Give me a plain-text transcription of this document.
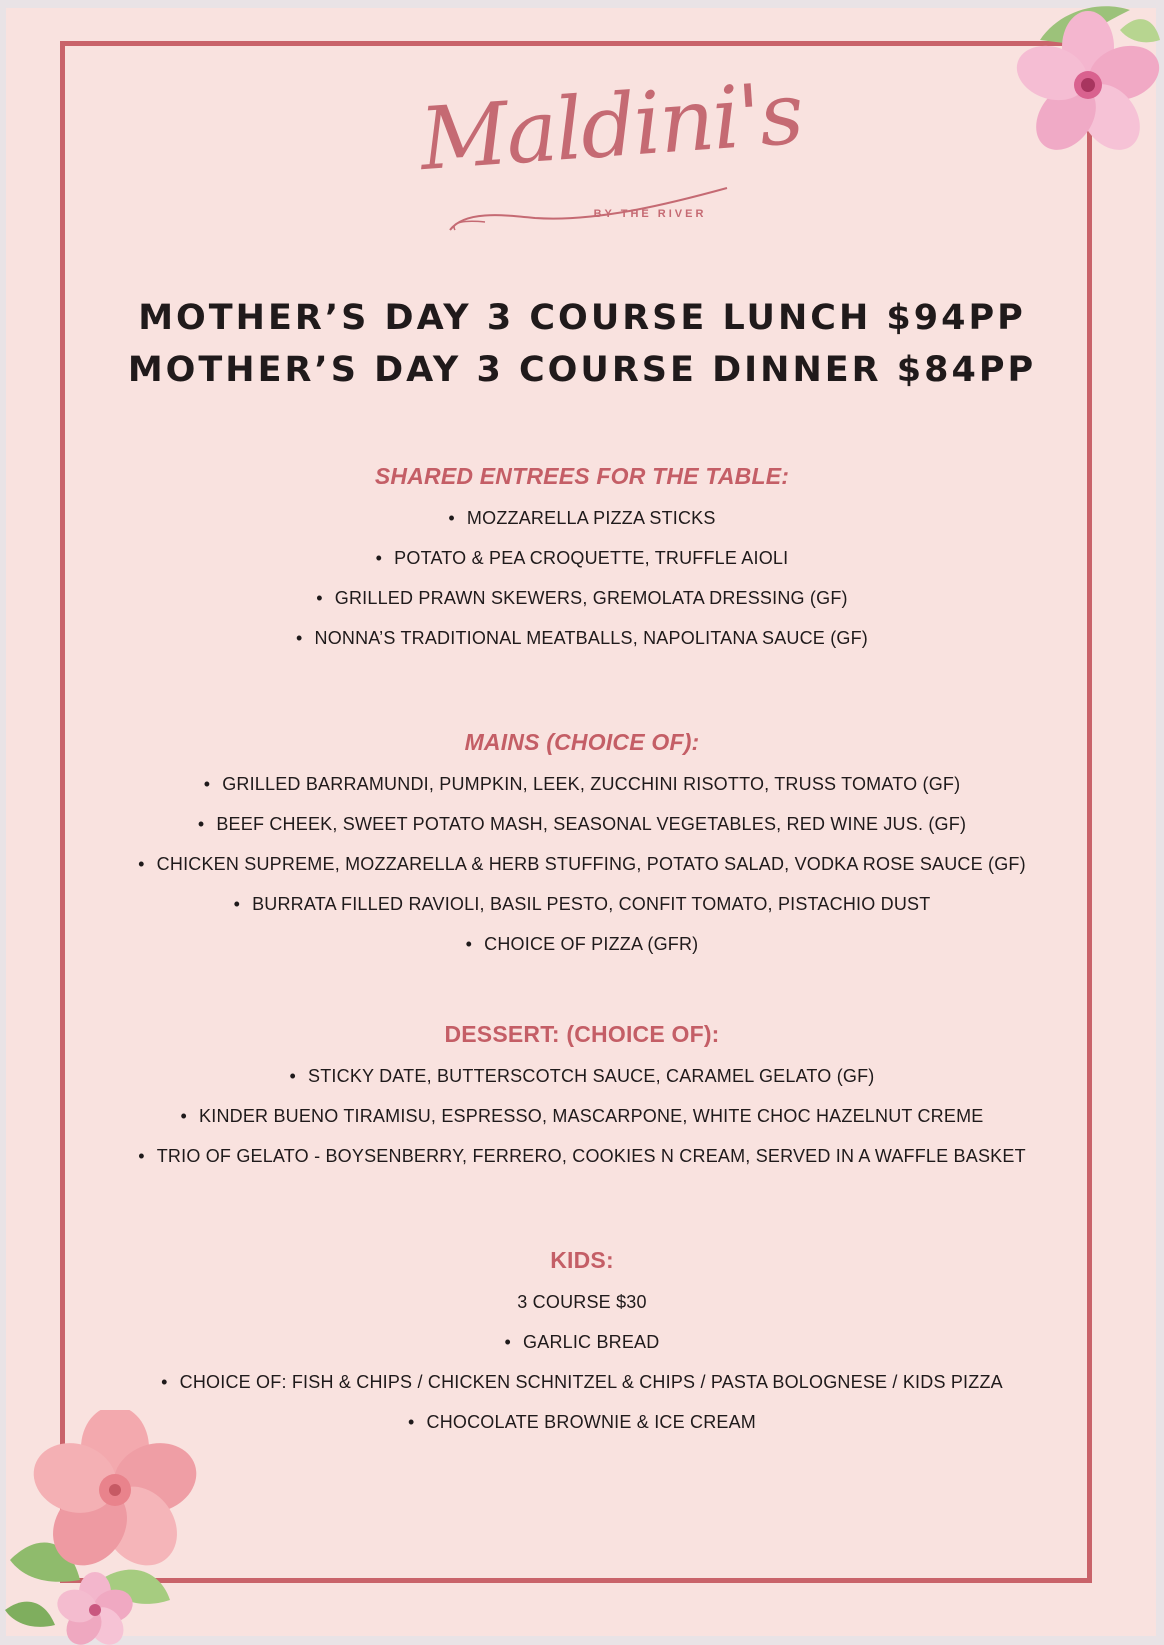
Maldini's
BY THE RIVER
MOTHER’S DAY 3 COURSE LUNCH $94PP
MOTHER’S DAY 3 COURSE DINNER $84PP
SHARED ENTREES FOR THE TABLE:
• MOZZARELLA PIZZA STICKS
• POTATO & PEA CROQUETTE, TRUFFLE AIOLI
• GRILLED PRAWN SKEWERS, GREMOLATA DRESSING (GF)
• NONNA’S TRADITIONAL MEATBALLS, NAPOLITANA SAUCE (GF)
MAINS (CHOICE OF):
• GRILLED BARRAMUNDI, PUMPKIN, LEEK, ZUCCHINI RISOTTO, TRUSS TOMATO (GF)
• BEEF CHEEK, SWEET POTATO MASH, SEASONAL VEGETABLES, RED WINE JUS. (GF)
• CHICKEN SUPREME, MOZZARELLA & HERB STUFFING, POTATO SALAD, VODKA ROSE SAUCE (GF)
• BURRATA FILLED RAVIOLI, BASIL PESTO, CONFIT TOMATO, PISTACHIO DUST
• CHOICE OF PIZZA (GFR)
DESSERT: (CHOICE OF):
• STICKY DATE, BUTTERSCOTCH SAUCE, CARAMEL GELATO (GF)
• KINDER BUENO TIRAMISU, ESPRESSO, MASCARPONE, WHITE CHOC HAZELNUT CREME
• TRIO OF GELATO - BOYSENBERRY, FERRERO, COOKIES N CREAM, SERVED IN A WAFFLE BASKET
KIDS:
3 COURSE $30
• GARLIC BREAD
• CHOICE OF: FISH & CHIPS / CHICKEN SCHNITZEL & CHIPS / PASTA BOLOGNESE / KIDS PIZZA
• CHOCOLATE BROWNIE & ICE CREAM
